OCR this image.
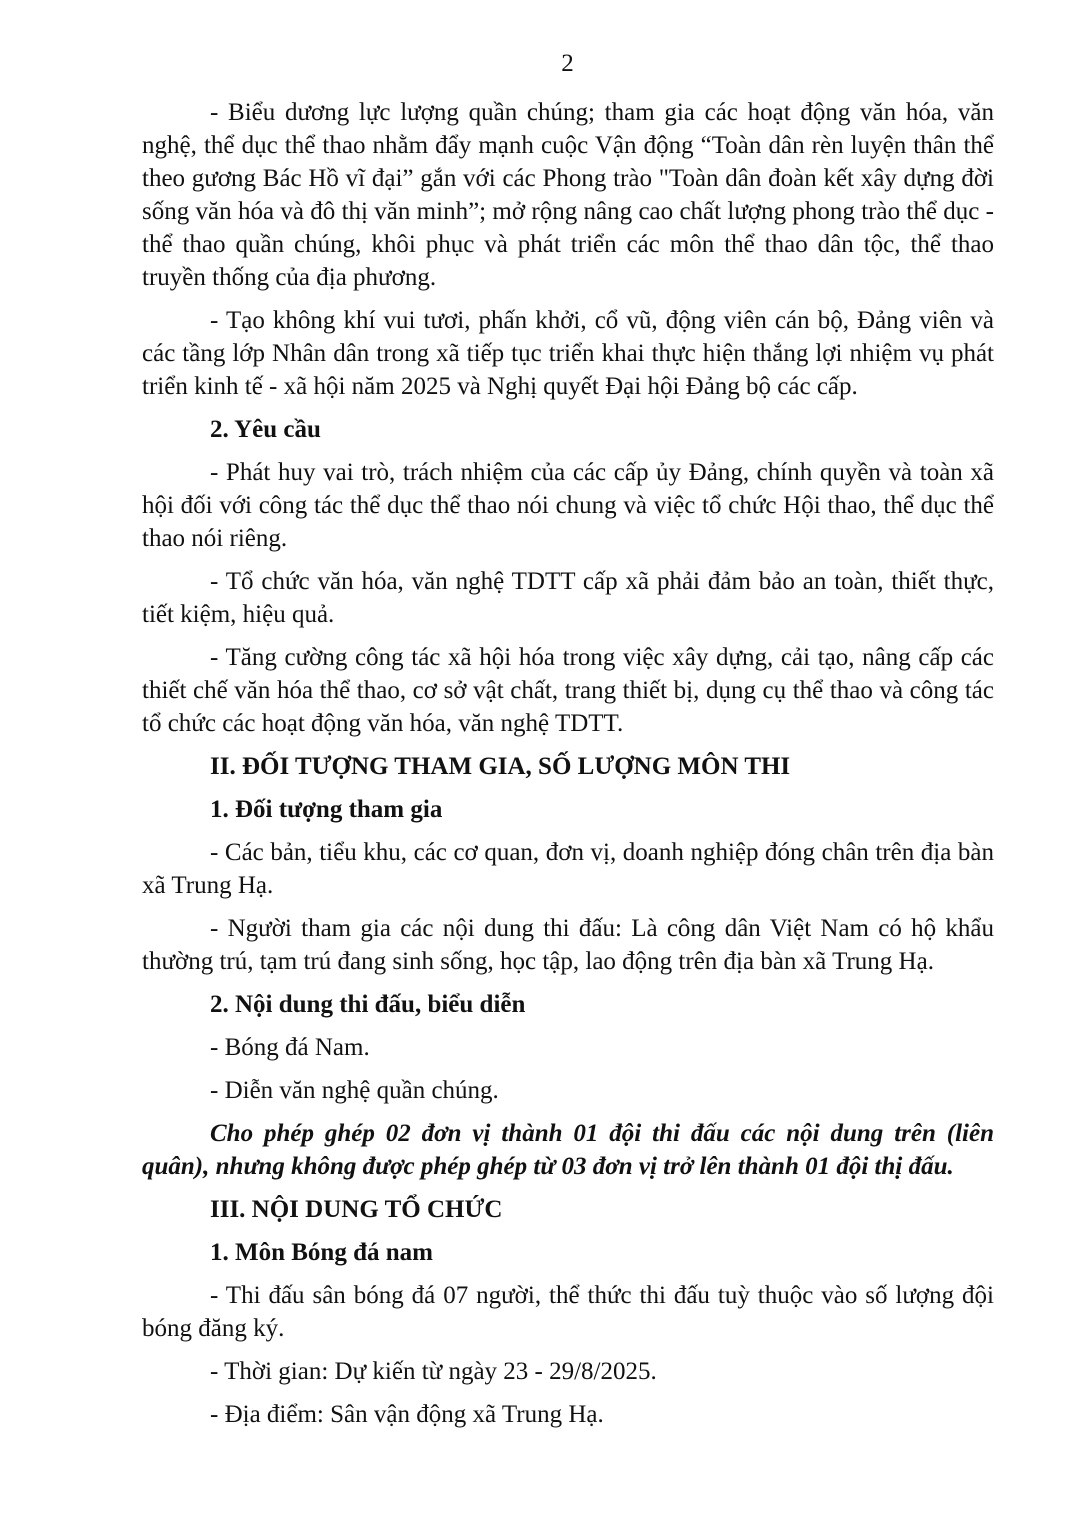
2

- Biểu dương lực lượng quần chúng; tham gia các hoạt động văn hóa, văn nghệ, thể dục thể thao nhằm đẩy mạnh cuộc Vận động “Toàn dân rèn luyện thân thể theo gương Bác Hồ vĩ đại” gắn với các Phong trào "Toàn dân đoàn kết xây dựng đời sống văn hóa và đô thị văn minh”; mở rộng nâng cao chất lượng phong trào thể dục - thể thao quần chúng, khôi phục và phát triển các môn thể thao dân tộc, thể thao truyền thống của địa phương.

- Tạo không khí vui tươi, phấn khởi, cổ vũ, động viên cán bộ, Đảng viên và các tầng lớp Nhân dân trong xã tiếp tục triển khai thực hiện thắng lợi nhiệm vụ phát triển kinh tế - xã hội năm 2025 và Nghị quyết Đại hội Đảng bộ các cấp.

2. Yêu cầu

- Phát huy vai trò, trách nhiệm của các cấp ủy Đảng, chính quyền và toàn xã hội đối với công tác thể dục thể thao nói chung và việc tổ chức Hội thao, thể dục thể thao nói riêng.

- Tổ chức văn hóa, văn nghệ TDTT cấp xã phải đảm bảo an toàn, thiết thực, tiết kiệm, hiệu quả.

- Tăng cường công tác xã hội hóa trong việc xây dựng, cải tạo, nâng cấp các thiết chế văn hóa thể thao, cơ sở vật chất, trang thiết bị, dụng cụ thể thao và công tác tổ chức các hoạt động văn hóa, văn nghệ TDTT.

II. ĐỐI TƯỢNG THAM GIA, SỐ LƯỢNG MÔN THI

1. Đối tượng tham gia

- Các bản, tiểu khu, các cơ quan, đơn vị, doanh nghiệp đóng chân trên địa bàn xã Trung Hạ.

- Người tham gia các nội dung thi đấu: Là công dân Việt Nam có hộ khẩu thường trú, tạm trú đang sinh sống, học tập, lao động trên địa bàn xã Trung Hạ.

2. Nội dung thi đấu, biểu diễn

- Bóng đá Nam.

- Diễn văn nghệ quần chúng.

Cho phép ghép 02 đơn vị thành 01 đội thi đấu các nội dung trên (liên quân), nhưng không được phép ghép từ 03 đơn vị trở lên thành 01 đội thị đấu.

III. NỘI DUNG TỔ CHỨC

1. Môn Bóng đá nam

- Thi đấu sân bóng đá 07 người, thể thức thi đấu tuỳ thuộc vào số lượng đội bóng đăng ký.

- Thời gian: Dự kiến từ ngày 23 - 29/8/2025.

- Địa điểm: Sân vận động xã Trung Hạ.
